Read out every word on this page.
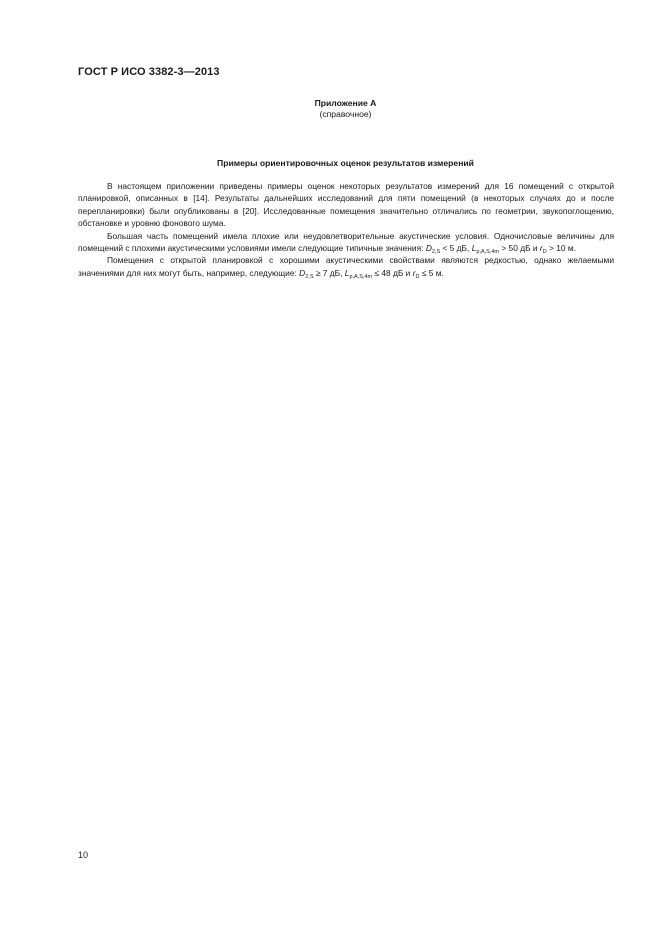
ГОСТ Р ИСО 3382-3—2013
Приложение А
(справочное)
Примеры ориентировочных оценок результатов измерений

В настоящем приложении приведены примеры оценок некоторых результатов измерений для 16 помещений с открытой планировкой, описанных в [14]. Результаты дальнейших исследований для пяти помещений (в некоторых случаях до и после перепланировки) были опубликованы в [20]. Исследованные помещения значительно отличались по геометрии, звукопоглощению, обстановке и уровню фонового шума.

Большая часть помещений имела плохие или неудовлетворительные акустические условия. Одночисловые величины для помещений с плохими акустическими условиями имели следующие типичные значения: $D_{2,S} < 5$ дБ, $L_{p,A,S,4m} > 50$ дБ и $r_D > 10$ м.

Помещения с открытой планировкой с хорошими акустическими свойствами являются редкостью, однако желаемыми значениями для них могут быть, например, следующие: $D_{2,S} \ge 7$ дБ, $L_{p,A,S,4m} \le 48$ дБ и $r_D \le 5$ м.

10
